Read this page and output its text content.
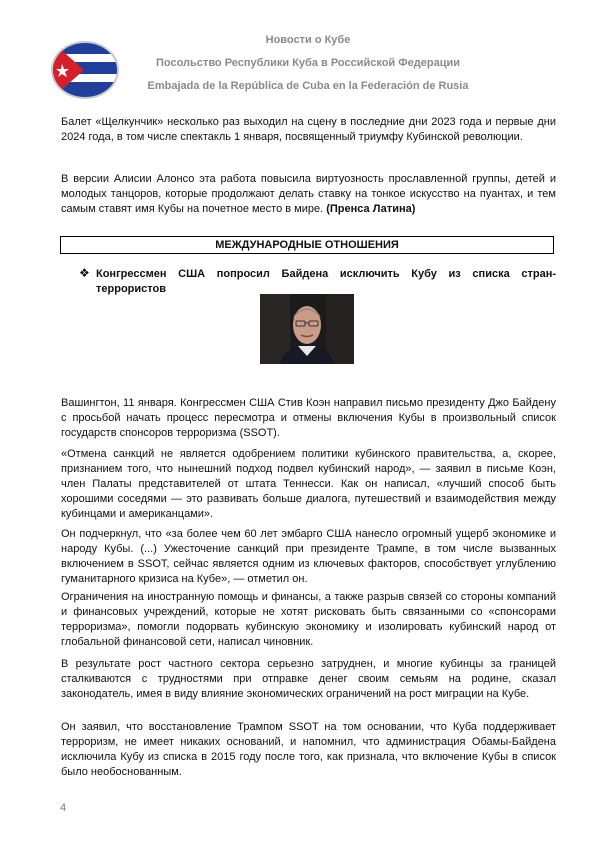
Новости о Кубе
Посольство Республики Куба в Российской Федерации
Embajada de la República de Cuba en la Federación de Rusia
Балет «Щелкунчик» несколько раз выходил на сцену в последние дни 2023 года и первые дни 2024 года, в том числе спектакль 1 января, посвященный триумфу Кубинской революции.
В версии Алисии Алонсо эта работа повысила виртуозность прославленной группы, детей и молодых танцоров, которые продолжают делать ставку на тонкое искусство на пуантах, и тем самым ставят имя Кубы на почетное место в мире. (Пренса Латина)
МЕЖДУНАРОДНЫЕ ОТНОШЕНИЯ
❖ Конгрессмен США попросил Байдена исключить Кубу из списка стран-террористов
Вашингтон, 11 января. Конгрессмен США Стив Коэн направил письмо президенту Джо Байдену с просьбой начать процесс пересмотра и отмены включения Кубы в произвольный список государств спонсоров терроризма (SSOT).
«Отмена санкций не является одобрением политики кубинского правительства, а, скорее, признанием того, что нынешний подход подвел кубинский народ», — заявил в письме Коэн, член Палаты представителей от штата Теннесси. Как он написал, «лучший способ быть хорошими соседями — это развивать больше диалога, путешествий и взаимодействия между кубинцами и американцами».
Он подчеркнул, что «за более чем 60 лет эмбарго США нанесло огромный ущерб экономике и народу Кубы. (...) Ужесточение санкций при президенте Трампе, в том числе вызванных включением в SSOT, сейчас является одним из ключевых факторов, способствует углублению гуманитарного кризиса на Кубе», — отметил он.
Ограничения на иностранную помощь и финансы, а также разрыв связей со стороны компаний и финансовых учреждений, которые не хотят рисковать быть связанными со «спонсорами терроризма», помогли подорвать кубинскую экономику и изолировать кубинский народ от глобальной финансовой сети, написал чиновник.
В результате рост частного сектора серьезно затруднен, и многие кубинцы за границей сталкиваются с трудностями при отправке денег своим семьям на родине, сказал законодатель, имея в виду влияние экономических ограничений на рост миграции на Кубе.
Он заявил, что восстановление Трампом SSOT на том основании, что Куба поддерживает терроризм, не имеет никаких оснований, и напомнил, что администрация Обамы-Байдена исключила Кубу из списка в 2015 году после того, как признала, что включение Кубы в список было необоснованным.
4
